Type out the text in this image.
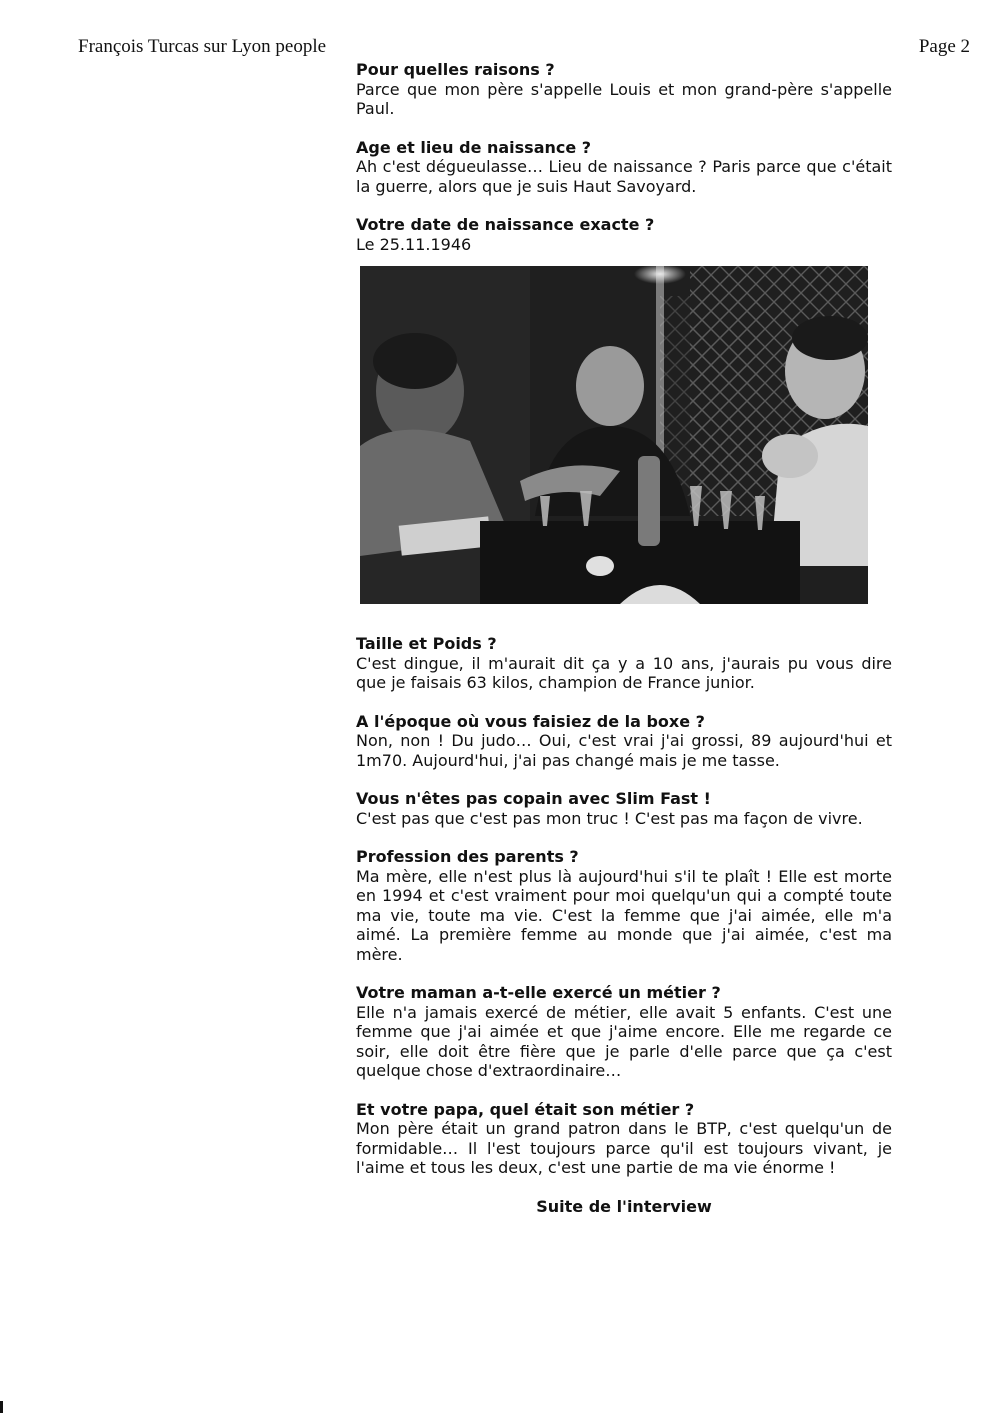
François Turcas sur Lyon people	Page 2

Pour quelles raisons ?

Parce que mon père s'appelle Louis et mon grand-père s'appelle Paul.

Age et lieu de naissance ?

Ah c'est dégueulasse… Lieu de naissance ? Paris parce que c'était la guerre, alors que je suis Haut Savoyard.

Votre date de naissance exacte ?

Le 25.11.1946

Taille et Poids ?

C'est dingue, il m'aurait dit ça y a 10 ans, j'aurais pu vous dire que je faisais 63 kilos, champion de France junior.

A l'époque où vous faisiez de la boxe ?

Non, non ! Du judo… Oui, c'est vrai j'ai grossi, 89 aujourd'hui et 1m70. Aujourd'hui, j'ai pas changé mais je me tasse.

Vous n'êtes pas copain avec Slim Fast !

C'est pas que c'est pas mon truc ! C'est pas ma façon de vivre.

Profession des parents ?

Ma mère, elle n'est plus là aujourd'hui s'il te plaît ! Elle est morte en 1994 et c'est vraiment pour moi quelqu'un qui a compté toute ma vie, toute ma vie. C'est la femme que j'ai aimée, elle m'a aimé. La première femme au monde que j'ai aimée, c'est ma mère.

Votre maman a-t-elle exercé un métier ?

Elle n'a jamais exercé de métier, elle avait 5 enfants. C'est une femme que j'ai aimée et que j'aime encore. Elle me regarde ce soir, elle doit être fière que je parle d'elle parce que ça c'est quelque chose d'extraordinaire…

Et votre papa, quel était son métier ?

Mon père était un grand patron dans le BTP, c'est quelqu'un de formidable… Il l'est toujours parce qu'il est toujours vivant, je l'aime et tous les deux, c'est une partie de ma vie énorme !

Suite de l'interview
